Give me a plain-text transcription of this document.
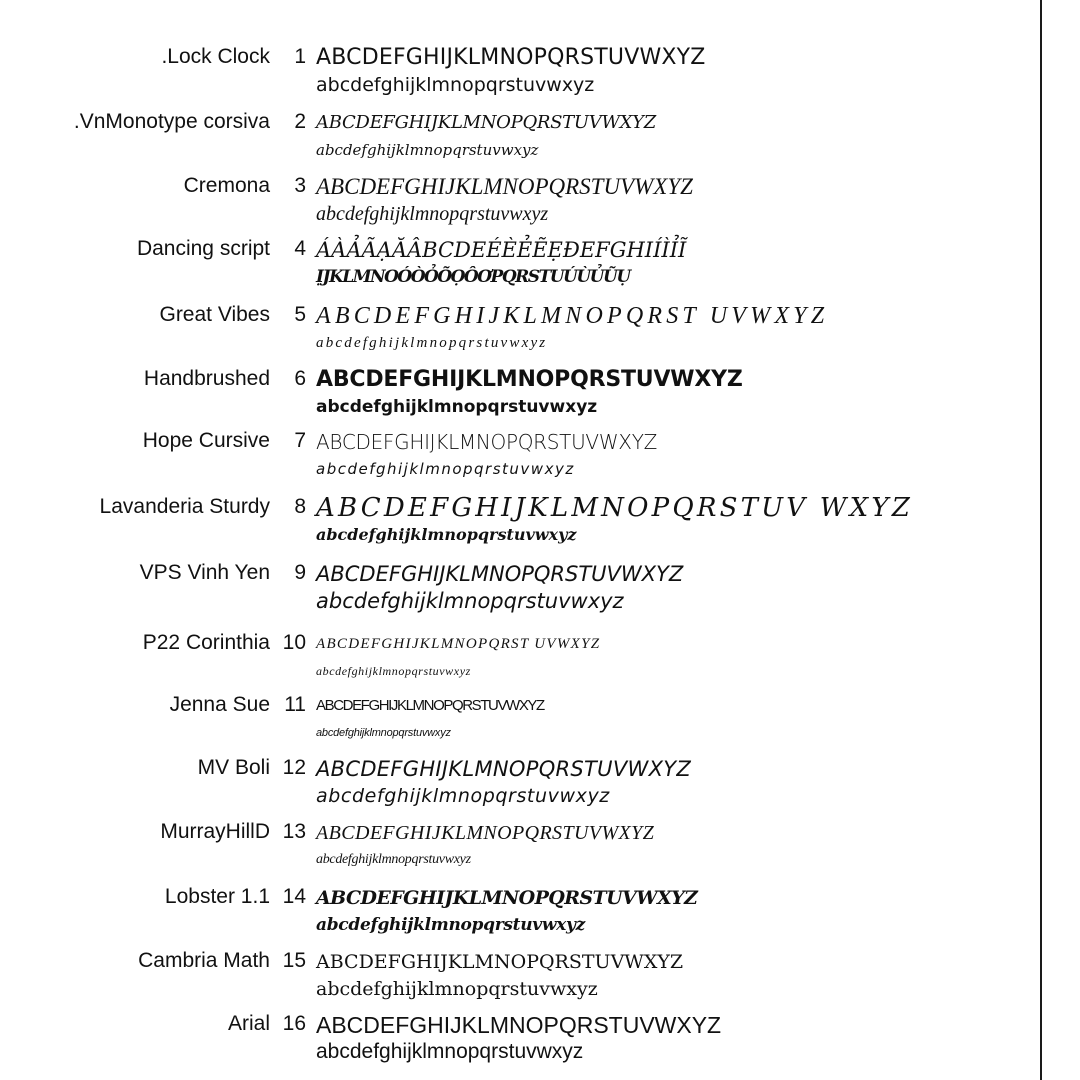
.Lock Clock 1 ABCDEFGHIJKLMNOPQRSTUVWXYZ
abcdefghijklmnopqrstuvwxyz
.VnMonotype corsiva 2 ABCDEFGHIJKLMNOPQRSTUVWXYZ
abcdefghijklmnopqrstuvwxyz
Cremona 3 ABCDEFGHIJKLMNOPQRSTUVWXYZ
abcdefghijklmnopqrstuvwxyz
Dancing script 4 ÁÀẢÃẠĂÂBCDEÉÈẺẼẸĐEFGHIÍÌỈĨ
ỊJKLMNOÓÒỎÕỌÔƠPQRSTUÚÙỦŨỤ
Great Vibes 5 ABCDEFGHIJKLMNOPQRST UVWXYZ
abcdefghijklmnopqrstuvwxyz
Handbrushed 6 ABCDEFGHIJKLMNOPQRSTUVWXYZ
abcdefghijklmnopqrstuvwxyz
Hope Cursive 7 ABCDEFGHIJKLMNOPQRSTUVWXYZ
abcdefghijklmnopqrstuvwxyz
Lavanderia Sturdy 8 ABCDEFGHIJKLMNOPQRSTUV WXYZ
abcdefghijklmnopqrstuvwxyz
VPS Vinh Yen 9 ABCDEFGHIJKLMNOPQRSTUVWXYZ
abcdefghijklmnopqrstuvwxyz
P22 Corinthia 10 ABCDEFGHIJKLMNOPQRST UVWXYZ
abcdefghijklmnopqrstuvwxyz
Jenna Sue 11 ABCDEFGHIJKLMNOPQRSTUVWXYZ
abcdefghijklmnopqrstuvwxyz
MV Boli 12 ABCDEFGHIJKLMNOPQRSTUVWXYZ
abcdefghijklmnopqrstuvwxyz
MurrayHillD 13 ABCDEFGHIJKLMNOPQRSTUVWXYZ
abcdefghijklmnopqrstuvwxyz
Lobster 1.1 14 ABCDEFGHIJKLMNOPQRSTUVWXYZ
abcdefghijklmnopqrstuvwxyz
Cambria Math 15 ABCDEFGHIJKLMNOPQRSTUVWXYZ
abcdefghijklmnopqrstuvwxyz
Arial 16 ABCDEFGHIJKLMNOPQRSTUVWXYZ
abcdefghijklmnopqrstuvwxyz
